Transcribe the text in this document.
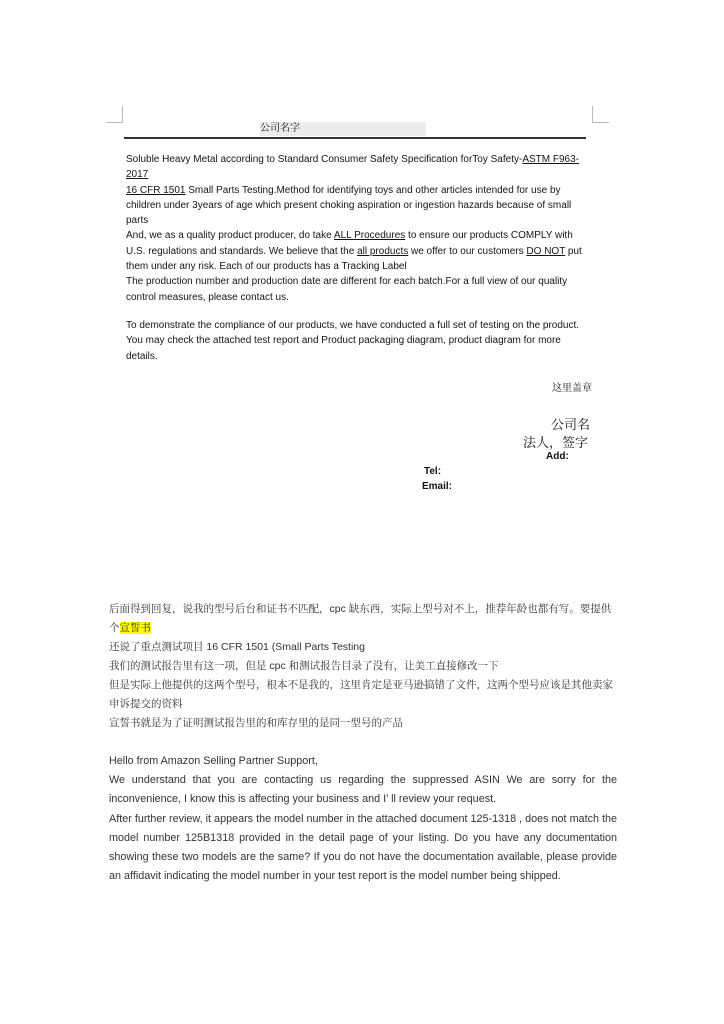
公司名字

Soluble Heavy Metal according to Standard Consumer Safety Specification forToy Safety-ASTM F963-2017

16 CFR 1501 Small Parts Testing.Method for identifying toys and other articles intended for use by children under 3years of age which present choking aspiration or ingestion hazards because of small parts

And, we as a quality product producer, do take ALL Procedures to ensure our products COMPLY with U.S. regulations and standards. We believe that the all products we offer to our customers DO NOT put them under any risk. Each of our products has a Tracking Label

The production number and production date are different for each batch.For a full view of our quality control measures, please contact us.

To demonstrate the compliance of our products, we have conducted a full set of testing on the product. You may check the attached test report and Product packaging diagram, product diagram for more details.

这里盖章
公司名
法人，签字
Add:
Tel:
Email:

后面得到回复，说我的型号后台和证书不匹配，cpc 缺东西，实际上型号对不上，推荐年龄也都有写。要提供个宣誓书

还说了重点测试项目 16 CFR 1501 (Small Parts Testing

我们的测试报告里有这一项，但是 cpc 和测试报告目录了没有，让美工直接修改一下

但是实际上他提供的这两个型号，根本不是我的，这里肯定是亚马逊搞错了文件，这两个型号应该是其他卖家申诉提交的资料

宣誓书就是为了证明测试报告里的和库存里的是同一型号的产品

Hello from Amazon Selling Partner Support,

We understand that you are contacting us regarding the suppressed ASIN We are sorry for the inconvenience, I know this is affecting your business and I’ ll review your request.

After further review, it appears the model number in the attached document 125-1318 , does not match the model number 125B1318 provided in the detail page of your listing. Do you have any documentation showing these two models are the same? If you do not have the documentation available, please provide an affidavit indicating the model number in your test report is the model number being shipped.
